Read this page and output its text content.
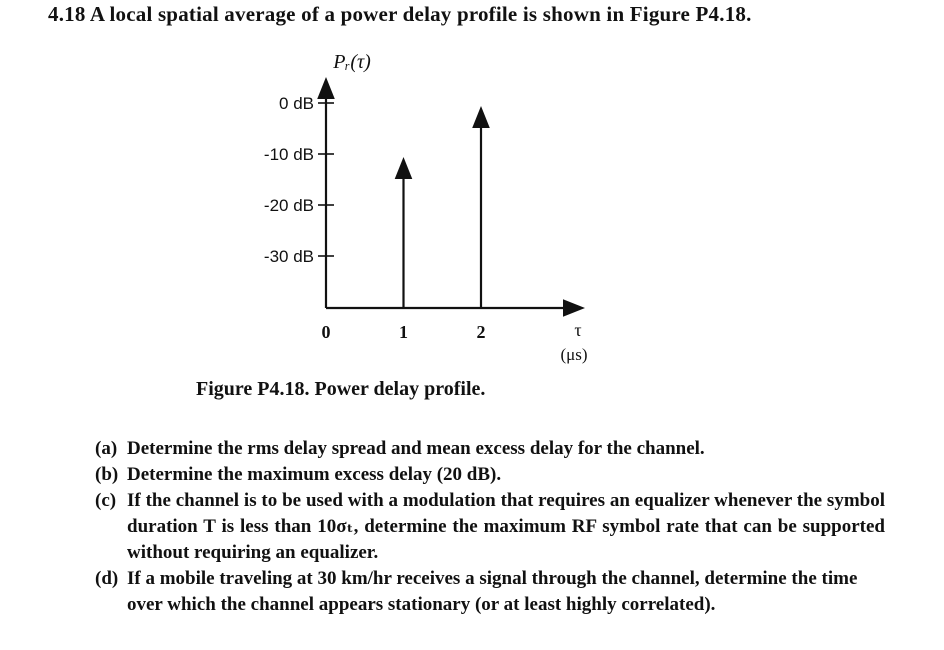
4.18 A local spatial average of a power delay profile is shown in Figure P4.18.
0 dB
-10 dB
-20 dB
-30 dB
0	1	2
Pᵣ(τ)
τ
(μs)
Figure P4.18. Power delay profile.
(a) Determine the rms delay spread and mean excess delay for the channel.
(b) Determine the maximum excess delay (20 dB).
(c) If the channel is to be used with a modulation that requires an equalizer whenever the symbol duration T is less than 10σₜ, determine the maximum RF symbol rate that can be supported without requiring an equalizer.
(d) If a mobile traveling at 30 km/hr receives a signal through the channel, determine the time over which the channel appears stationary (or at least highly correlated).
